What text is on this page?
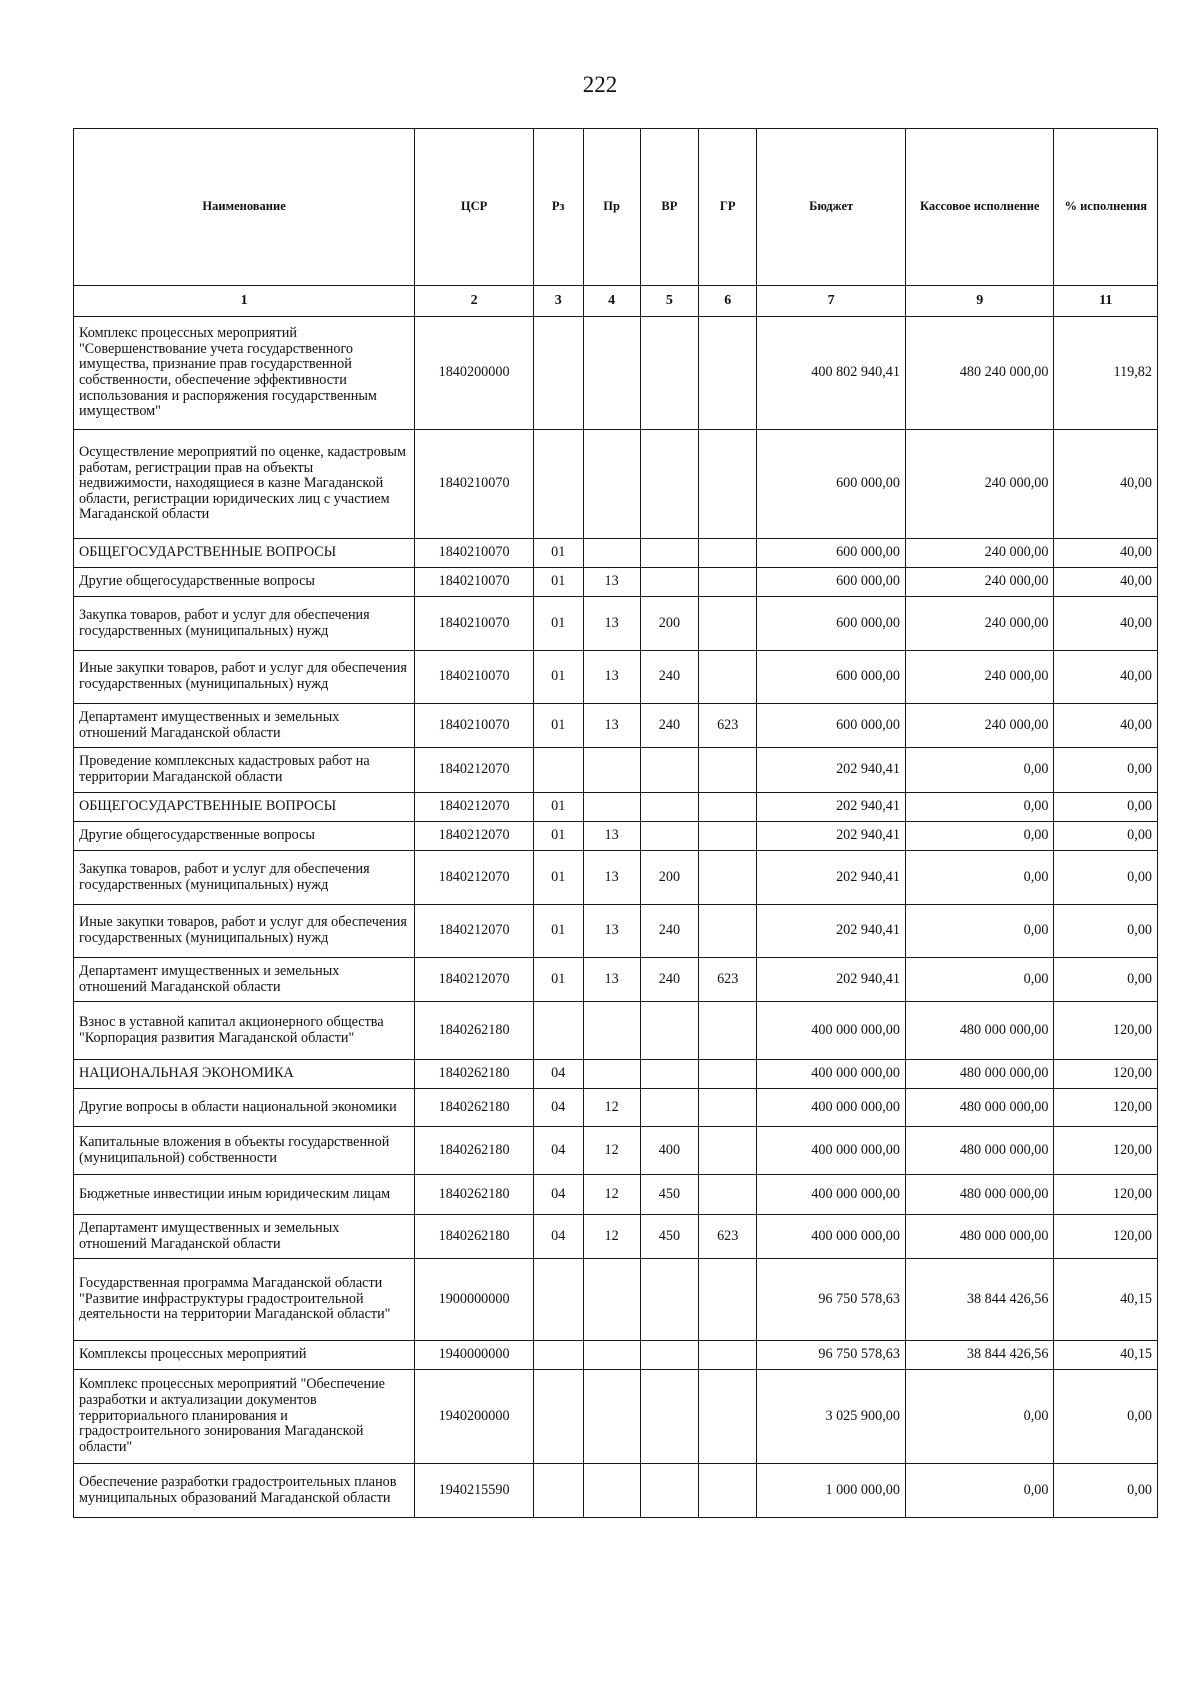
222
Наименование	ЦСР	Рз	Пр	ВР	ГР	Бюджет	Кассовое исполнение	% исполнения
1	2	3	4	5	6	7	9	11
Комплекс процессных мероприятий "Совершенствование учета государственного имущества, признание прав государственной собственности, обеспечение эффективности использования и распоряжения государственным имуществом"	1840200000					400 802 940,41	480 240 000,00	119,82
Осуществление мероприятий по оценке, кадастровым работам, регистрации прав на объекты недвижимости, находящиеся в казне Магаданской области, регистрации юридических лиц с участием Магаданской области	1840210070					600 000,00	240 000,00	40,00
ОБЩЕГОСУДАРСТВЕННЫЕ ВОПРОСЫ	1840210070	01				600 000,00	240 000,00	40,00
Другие общегосударственные вопросы	1840210070	01	13			600 000,00	240 000,00	40,00
Закупка товаров, работ и услуг для обеспечения государственных (муниципальных) нужд	1840210070	01	13	200		600 000,00	240 000,00	40,00
Иные закупки товаров, работ и услуг для обеспечения государственных (муниципальных) нужд	1840210070	01	13	240		600 000,00	240 000,00	40,00
Департамент имущественных и земельных отношений Магаданской области	1840210070	01	13	240	623	600 000,00	240 000,00	40,00
Проведение комплексных кадастровых работ на территории Магаданской области	1840212070					202 940,41	0,00	0,00
ОБЩЕГОСУДАРСТВЕННЫЕ ВОПРОСЫ	1840212070	01				202 940,41	0,00	0,00
Другие общегосударственные вопросы	1840212070	01	13			202 940,41	0,00	0,00
Закупка товаров, работ и услуг для обеспечения государственных (муниципальных) нужд	1840212070	01	13	200		202 940,41	0,00	0,00
Иные закупки товаров, работ и услуг для обеспечения государственных (муниципальных) нужд	1840212070	01	13	240		202 940,41	0,00	0,00
Департамент имущественных и земельных отношений Магаданской области	1840212070	01	13	240	623	202 940,41	0,00	0,00
Взнос в уставной капитал акционерного общества "Корпорация развития Магаданской области"	1840262180					400 000 000,00	480 000 000,00	120,00
НАЦИОНАЛЬНАЯ ЭКОНОМИКА	1840262180	04				400 000 000,00	480 000 000,00	120,00
Другие вопросы в области национальной экономики	1840262180	04	12			400 000 000,00	480 000 000,00	120,00
Капитальные вложения в объекты государственной (муниципальной) собственности	1840262180	04	12	400		400 000 000,00	480 000 000,00	120,00
Бюджетные инвестиции иным юридическим лицам	1840262180	04	12	450		400 000 000,00	480 000 000,00	120,00
Департамент имущественных и земельных отношений Магаданской области	1840262180	04	12	450	623	400 000 000,00	480 000 000,00	120,00
Государственная программа Магаданской области "Развитие инфраструктуры градостроительной деятельности на территории Магаданской области"	1900000000					96 750 578,63	38 844 426,56	40,15
Комплексы процессных мероприятий	1940000000					96 750 578,63	38 844 426,56	40,15
Комплекс процессных мероприятий "Обеспечение разработки и актуализации документов территориального планирования и градостроительного зонирования Магаданской области"	1940200000					3 025 900,00	0,00	0,00
Обеспечение разработки градостроительных планов муниципальных образований Магаданской области	1940215590					1 000 000,00	0,00	0,00
